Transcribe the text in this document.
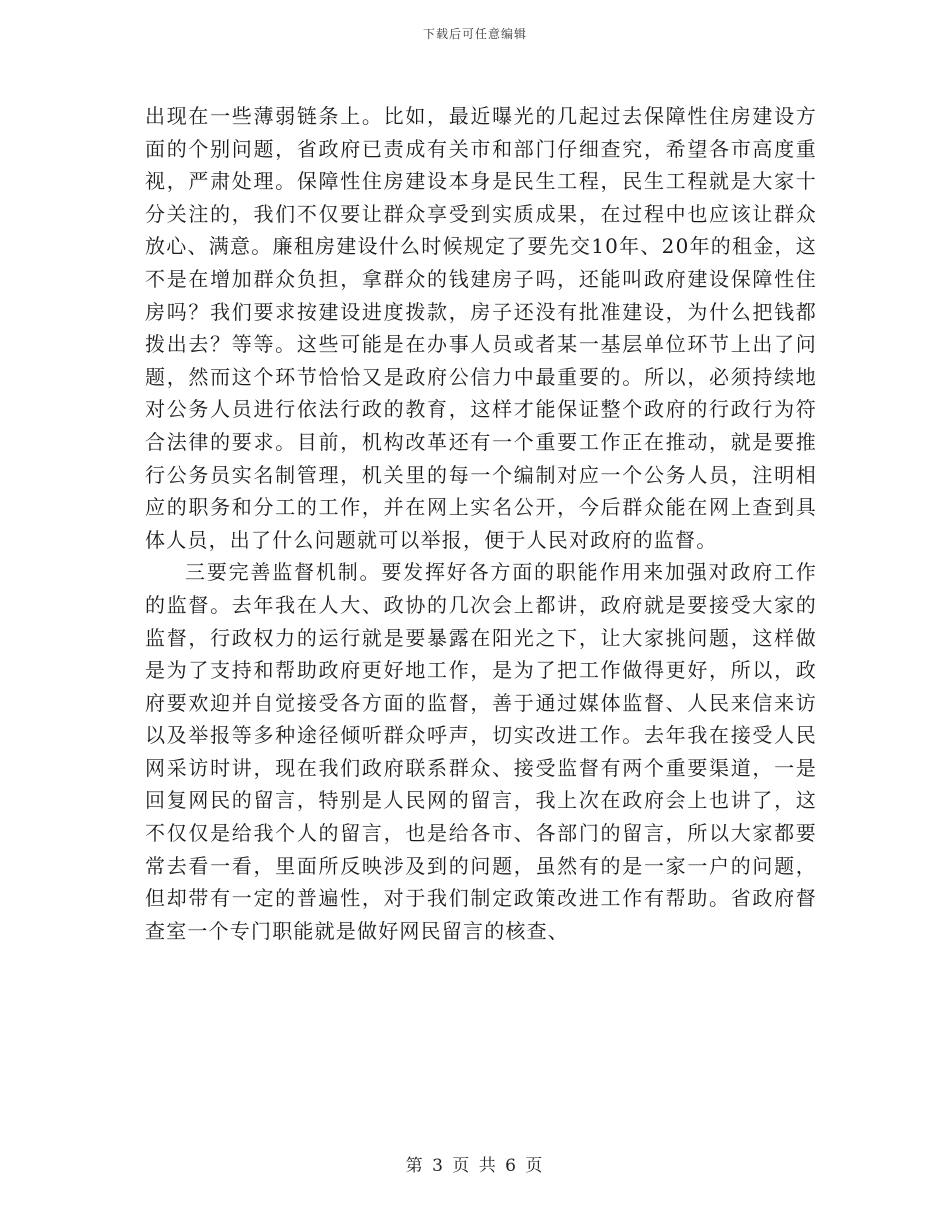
下载后可任意编辑

出现在一些薄弱链条上。比如，最近曝光的几起过去保障性住房建设方面的个别问题，省政府已责成有关市和部门仔细查究，希望各市高度重视，严肃处理。保障性住房建设本身是民生工程，民生工程就是大家十分关注的，我们不仅要让群众享受到实质成果，在过程中也应该让群众放心、满意。廉租房建设什么时候规定了要先交10年、20年的租金，这不是在增加群众负担，拿群众的钱建房子吗，还能叫政府建设保障性住房吗？我们要求按建设进度拨款，房子还没有批准建设，为什么把钱都拨出去？等等。这些可能是在办事人员或者某一基层单位环节上出了问题，然而这个环节恰恰又是政府公信力中最重要的。所以，必须持续地对公务人员进行依法行政的教育，这样才能保证整个政府的行政行为符合法律的要求。目前，机构改革还有一个重要工作正在推动，就是要推行公务员实名制管理，机关里的每一个编制对应一个公务人员，注明相应的职务和分工的工作，并在网上实名公开，今后群众能在网上查到具体人员，出了什么问题就可以举报，便于人民对政府的监督。

三要完善监督机制。要发挥好各方面的职能作用来加强对政府工作的监督。去年我在人大、政协的几次会上都讲，政府就是要接受大家的监督，行政权力的运行就是要暴露在阳光之下，让大家挑问题，这样做是为了支持和帮助政府更好地工作，是为了把工作做得更好，所以，政府要欢迎并自觉接受各方面的监督，善于通过媒体监督、人民来信来访以及举报等多种途径倾听群众呼声，切实改进工作。去年我在接受人民网采访时讲，现在我们政府联系群众、接受监督有两个重要渠道，一是回复网民的留言，特别是人民网的留言，我上次在政府会上也讲了，这不仅仅是给我个人的留言，也是给各市、各部门的留言，所以大家都要常去看一看，里面所反映涉及到的问题，虽然有的是一家一户的问题，但却带有一定的普遍性，对于我们制定政策改进工作有帮助。省政府督查室一个专门职能就是做好网民留言的核查、

第 3 页 共 6 页
